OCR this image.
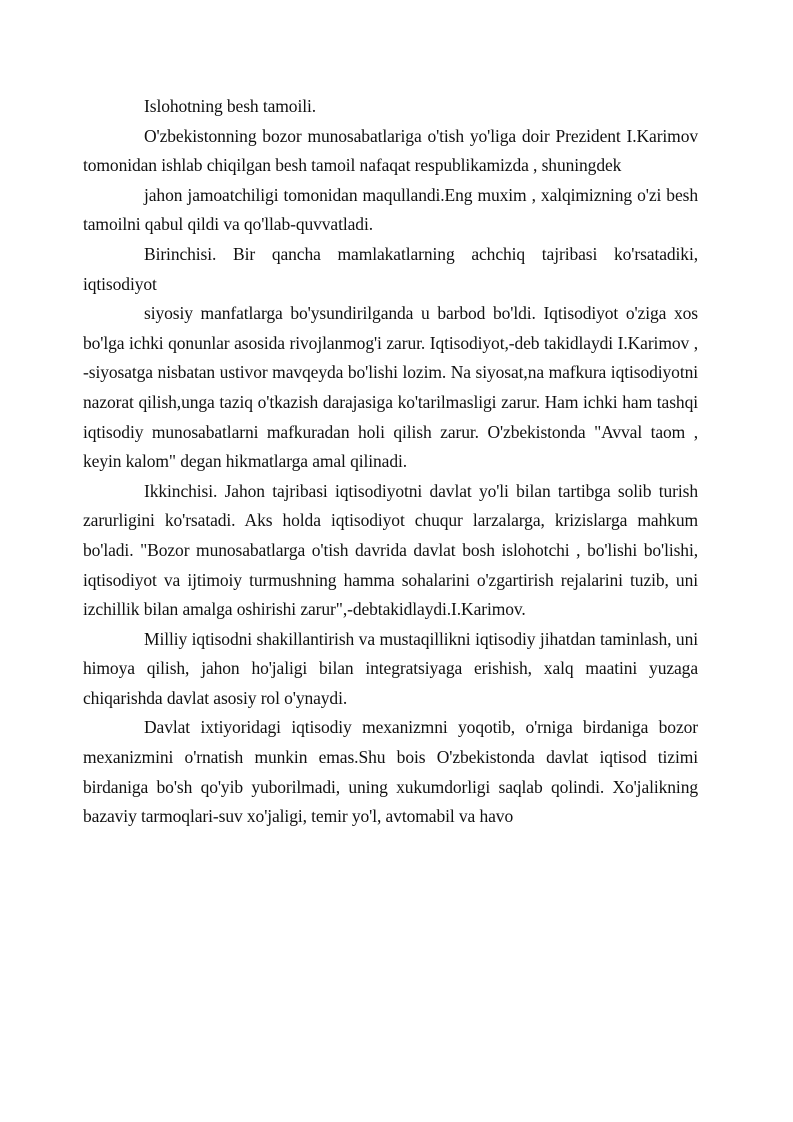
Islohotning besh tamoili.

O'zbekistonning bozor munosabatlariga o'tish yo'liga doir Prezident I.Karimov tomonidan ishlab chiqilgan besh tamoil nafaqat respublikamizda , shuningdek

jahon jamoatchiligi tomonidan maqullandi.Eng muxim , xalqimizning o'zi besh tamoilni qabul qildi va qo'llab-quvvatladi.

Birinchisi. Bir qancha mamlakatlarning achchiq tajribasi ko'rsatadiki, iqtisodiyot

siyosiy manfatlarga bo'ysundirilganda u barbod bo'ldi. Iqtisodiyot o'ziga xos bo'lga ichki qonunlar asosida rivojlanmog'i zarur. Iqtisodiyot,-deb takidlaydi I.Karimov , -siyosatga nisbatan ustivor mavqeyda bo'lishi lozim. Na siyosat,na mafkura iqtisodiyotni nazorat qilish,unga taziq o'tkazish darajasiga ko'tarilmasligi zarur. Ham ichki ham tashqi iqtisodiy munosabatlarni mafkuradan holi qilish zarur. O'zbekistonda "Avval taom , keyin kalom" degan hikmatlarga amal qilinadi.

Ikkinchisi. Jahon tajribasi iqtisodiyotni davlat yo'li bilan tartibga solib turish zarurligini ko'rsatadi. Aks holda iqtisodiyot chuqur larzalarga, krizislarga mahkum bo'ladi. "Bozor munosabatlarga o'tish davrida davlat bosh islohotchi , bo'lishi bo'lishi, iqtisodiyot va ijtimoiy turmushning hamma sohalarini o'zgartirish rejalarini tuzib, uni izchillik bilan amalga oshirishi zarur",-debtakidlaydi.I.Karimov.

Milliy iqtisodni shakillantirish va mustaqillikni iqtisodiy jihatdan taminlash, uni himoya qilish, jahon ho'jaligi bilan integratsiyaga erishish, xalq maatini yuzaga chiqarishda davlat asosiy rol o'ynaydi.

Davlat ixtiyoridagi iqtisodiy mexanizmni yoqotib, o'rniga birdaniga bozor mexanizmini o'rnatish munkin emas.Shu bois O'zbekistonda davlat iqtisod tizimi birdaniga bo'sh qo'yib yuborilmadi, uning xukumdorligi saqlab qolindi. Xo'jalikning bazaviy tarmoqlari-suv xo'jaligi, temir yo'l, avtomabil va havo
